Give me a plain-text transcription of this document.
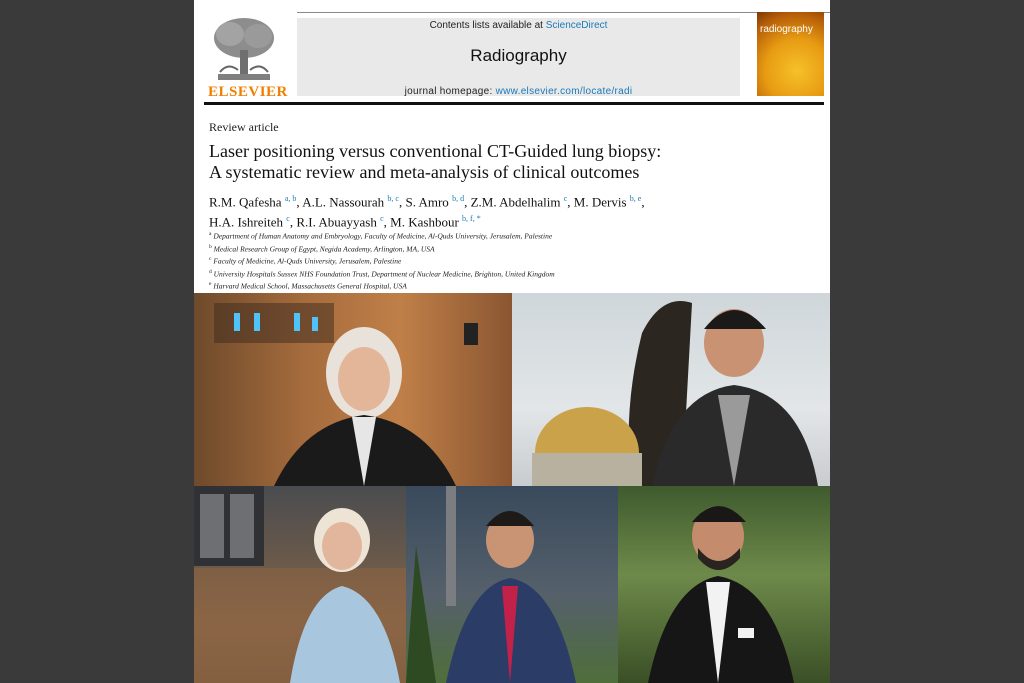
ELSEVIER
Contents lists available at ScienceDirect
Radiography
journal homepage: www.elsevier.com/locate/radi
radiography
Review article
Laser positioning versus conventional CT-Guided lung biopsy:
A systematic review and meta-analysis of clinical outcomes
R.M. Qafesha $^{a, b}$, A.L. Nassourah $^{b, c}$, S. Amro $^{b, d}$, Z.M. Abdelhalim $^c$, M. Dervis $^{b, e}$,
H.A. Ishreiteh $^c$, R.I. Abuayyash $^c$, M. Kashbour $^{b, f, *}$
$^a$ Department of Human Anatomy and Embryology, Faculty of Medicine, Al-Quds University, Jerusalem, Palestine
$^b$ Medical Research Group of Egypt, Negida Academy, Arlington, MA, USA
$^c$ Faculty of Medicine, Al-Quds University, Jerusalem, Palestine
$^d$ University Hospitals Sussex NHS Foundation Trust, Department of Nuclear Medicine, Brighton, United Kingdom
$^e$ Harvard Medical School, Massachusetts General Hospital, USA
